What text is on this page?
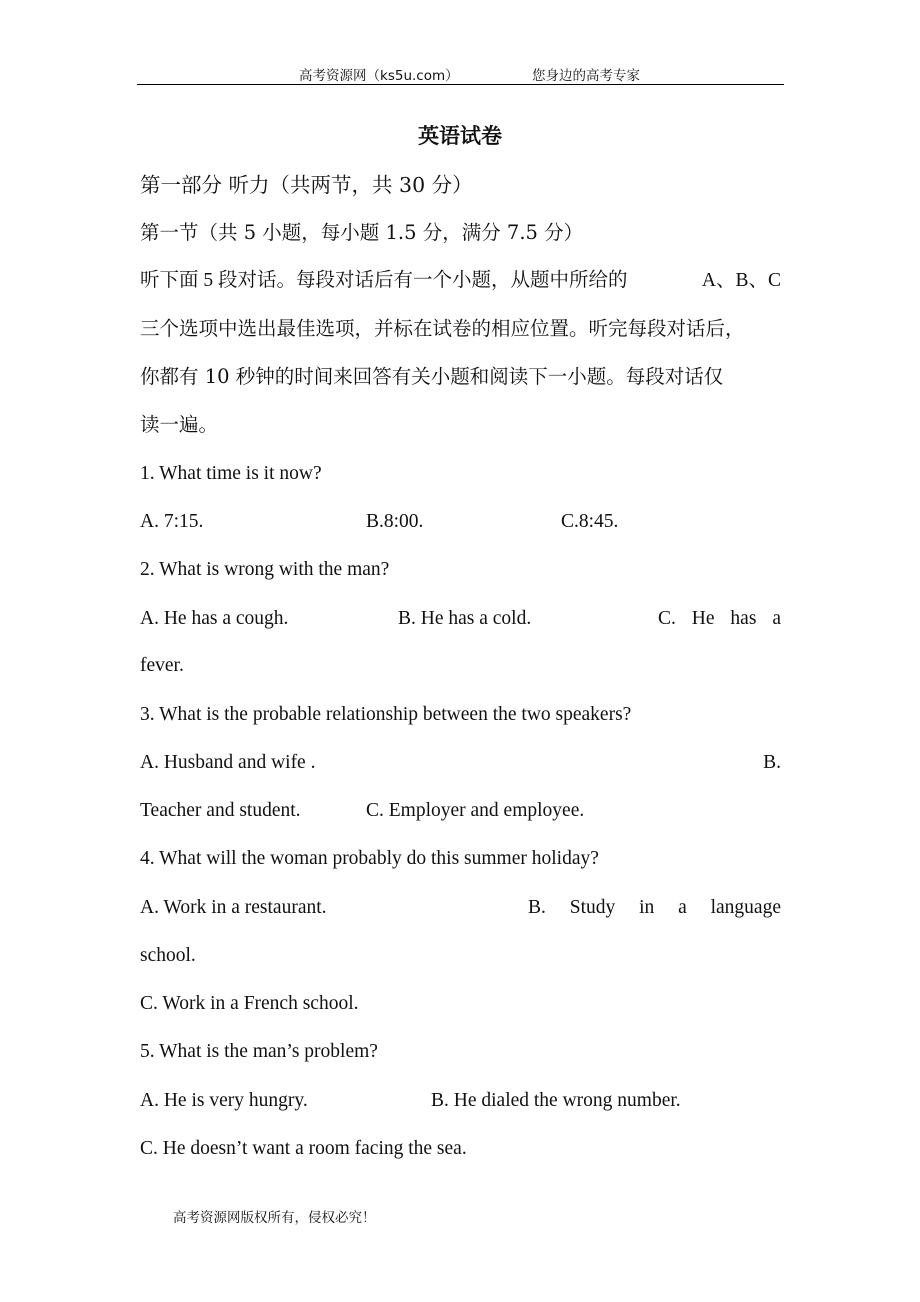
高考资源网（ks5u.com）	您身边的高考专家
英语试卷
第一部分 听力（共两节，共 30 分）
第一节（共 5 小题，每小题 1.5 分，满分 7.5 分）
听下面 5 段对话。每段对话后有一个小题，从题中所给的	A、B、C
三个选项中选出最佳选项，并标在试卷的相应位置。听完每段对话后，
你都有 10 秒钟的时间来回答有关小题和阅读下一小题。每段对话仅
读一遍。
1. What time is it now?
A. 7:15.	B.8:00.	C.8:45.
2. What is wrong with the man?
A. He has a cough.	B. He has a cold.	C. He has a
fever.
3. What is the probable relationship between the two speakers?
A. Husband and wife .	B.
Teacher and student.	C. Employer and employee.
4. What will the woman probably do this summer holiday?
A. Work in a restaurant.	B. Study in a language
school.
C. Work in a French school.
5. What is the man’s problem?
A. He is very hungry.	B. He dialed the wrong number.
C. He doesn’t want a room facing the sea.
高考资源网版权所有，侵权必究！
